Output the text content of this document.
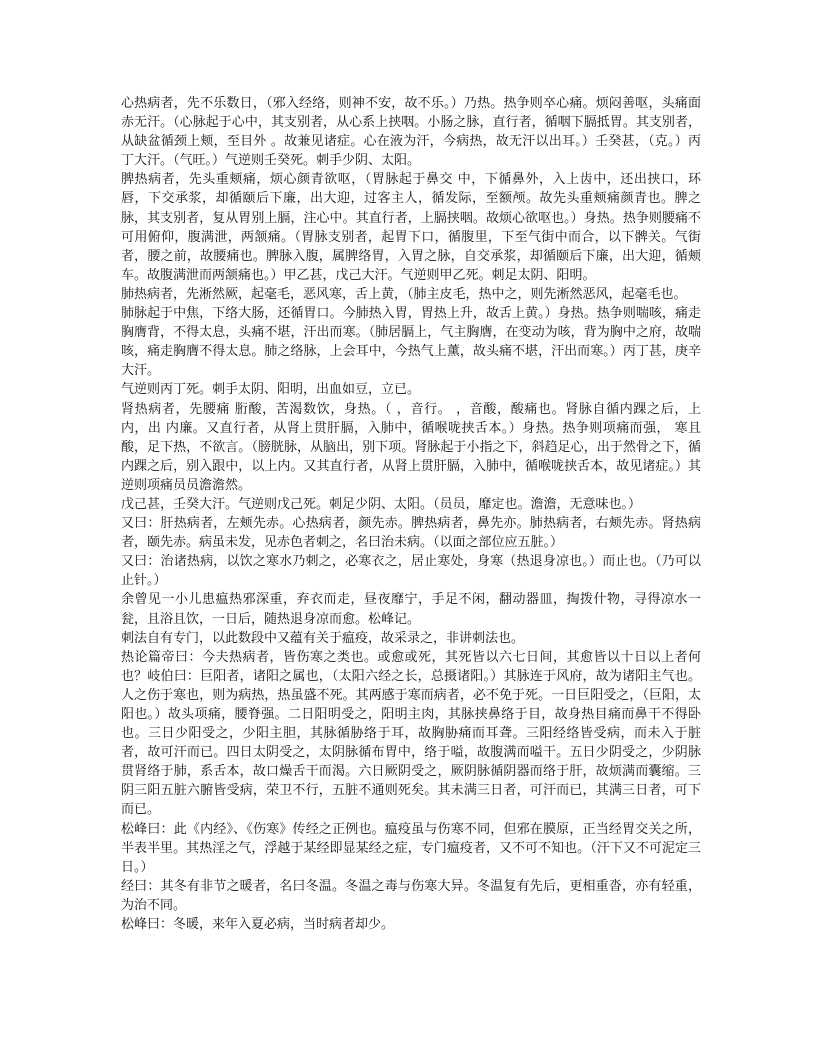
心热病者，先不乐数日，（邪入经络，则神不安，故不乐。）乃热。热争则卒心痛。烦闷善呕，头痛面赤无汗。（心脉起于心中，其支别者，从心系上挟咽。小肠之脉，直行者，循咽下膈抵胃。其支别者，从缺盆循颈上颊，至目外 。故兼见诸症。心在液为汗，今病热，故无汗以出耳。）壬癸甚，（克。）丙丁大汗。（气旺。）气逆则壬癸死。刺手少阴、太阳。

脾热病者，先头重颊痛，烦心颜青欲呕，（胃脉起于鼻交 中，下循鼻外，入上齿中，还出挟口，环唇，下交承浆，却循颐后下廉，出大迎，过客主人，循发际，至额颅。故先头重颊痛颜青也。脾之脉，其支别者，复从胃别上膈，注心中。其直行者，上膈挟咽。故烦心欲呕也。）身热。热争则腰痛不可用俯仰，腹满泄，两颔痛。（胃脉支别者，起胃下口，循腹里，下至气街中而合，以下髀关。气街者，腰之前，故腰痛也。脾脉入腹，属脾络胃，入胃之脉，自交承浆，却循颐后下廉，出大迎，循颊车。故腹满泄而两颔痛也。）甲乙甚，戊己大汗。气逆则甲乙死。刺足太阴、阳明。

肺热病者，先淅然厥，起毫毛，恶风寒，舌上黄，（肺主皮毛，热中之，则先淅然恶风，起毫毛也。

肺脉起于中焦，下络大肠，还循胃口。今肺热入胃，胃热上升，故舌上黄。）身热。热争则喘咳，痛走胸膺背，不得太息，头痛不堪，汗出而寒。（肺居膈上，气主胸膺，在变动为咳，背为胸中之府，故喘咳，痛走胸膺不得太息。肺之络脉，上会耳中，今热气上薰，故头痛不堪，汗出而寒。）丙丁甚，庚辛大汗。

气逆则丙丁死。刺手太阴、阳明，出血如豆，立已。

肾热病者，先腰痛 胻酸，苦渴数饮，身热。（ ，音行。 ，音酸，酸痛也。肾脉自循内踝之后，上 内，出 内廉。又直行者，从肾上贯肝膈，入肺中，循喉咙挟舌本。）身热。热争则项痛而强， 寒且酸，足下热，不欲言。（膀胱脉，从脑出，别下项。肾脉起于小指之下，斜趋足心，出于然骨之下，循内踝之后，别入跟中，以上内。又其直行者，从肾上贯肝膈，入肺中，循喉咙挟舌本，故见诸症。）其逆则项痛员员澹澹然。

戊己甚，壬癸大汗。气逆则戊己死。刺足少阴、太阳。（员员，靡定也。澹澹，无意味也。）

又曰：肝热病者，左颊先赤。心热病者，颜先赤。脾热病者，鼻先亦。肺热病者，右颊先赤。肾热病者，颐先赤。病虽未发，见赤色者刺之，名曰治未病。（以面之部位应五脏。）

又曰：治诸热病，以饮之寒水乃刺之，必寒衣之，居止寒处，身寒（热退身凉也。）而止也。（乃可以止针。）

余曾见一小儿患瘟热邪深重，弃衣而走，昼夜靡宁，手足不闲，翻动器皿，掏拨什物，寻得凉水一瓮，且浴且饮，一日后，随热退身凉而愈。松峰记。

刺法自有专门，以此数段中又蕴有关于瘟疫，故采录之，非讲刺法也。

热论篇帝曰：今夫热病者，皆伤寒之类也。或愈或死，其死皆以六七日间，其愈皆以十日以上者何也？岐伯曰：巨阳者，诸阳之属也，（太阳六经之长，总摄诸阳。）其脉连于风府，故为诸阳主气也。人之伤于寒也，则为病热，热虽盛不死。其两感于寒而病者，必不免于死。一日巨阳受之，（巨阳，太阳也。）故头项痛，腰脊强。二日阳明受之，阳明主肉，其脉挟鼻络于目，故身热目痛而鼻干不得卧也。三日少阳受之，少阳主胆，其脉循胁络于耳，故胸胁痛而耳聋。三阳经络皆受病，而未入于脏者，故可汗而已。四日太阴受之，太阴脉循布胃中，络于嗌，故腹满而嗌干。五日少阴受之，少阴脉贯肾络于肺，系舌本，故口燥舌干而渴。六日厥阴受之，厥阴脉循阴器而络于肝，故烦满而囊缩。三阴三阳五脏六腑皆受病，荣卫不行，五脏不通则死矣。其未满三日者，可汗而已，其满三日者，可下而已。

松峰曰：此《内经》、《伤寒》传经之正例也。瘟疫虽与伤寒不同，但邪在膜原，正当经胃交关之所，半表半里。其热淫之气，浮越于某经即显某经之症，专门瘟疫者，又不可不知也。（汗下又不可泥定三日。）

经曰：其冬有非节之暖者，名曰冬温。冬温之毒与伤寒大异。冬温复有先后，更相重沓，亦有轻重，为治不同。

松峰曰：冬暖，来年入夏必病，当时病者却少。
